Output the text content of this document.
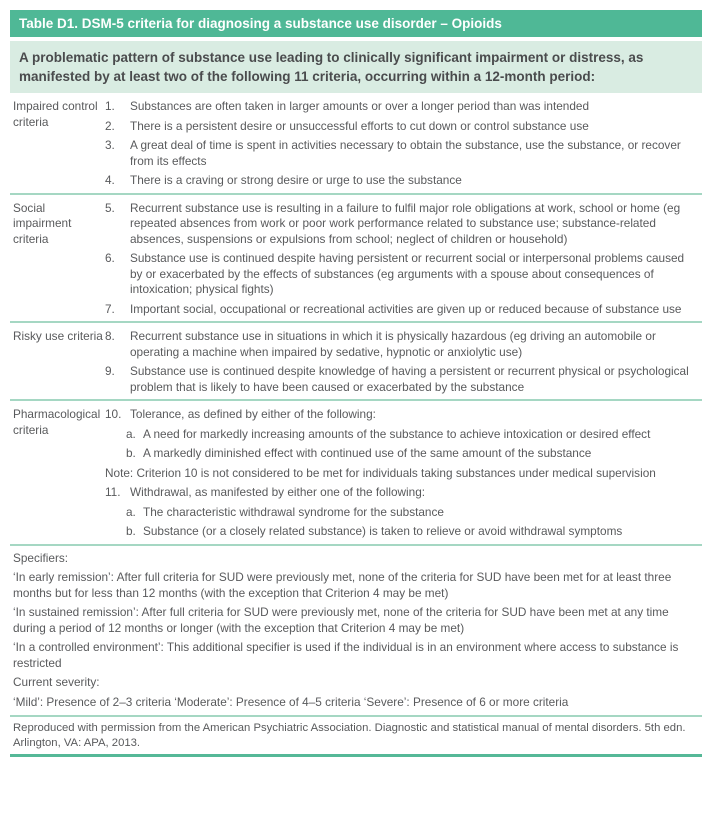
Table D1. DSM-5 criteria for diagnosing a substance use disorder – Opioids
A problematic pattern of substance use leading to clinically significant impairment or distress, as
manifested by at least two of the following 11 criteria, occurring within a 12-month period:
Impaired control criteria
1.	Substances are often taken in larger amounts or over a longer period than was intended
2.	There is a persistent desire or unsuccessful efforts to cut down or control substance use
3.	A great deal of time is spent in activities necessary to obtain the substance, use the substance, or recover from its effects
4.	There is a craving or strong desire or urge to use the substance
Social impairment criteria
5.	Recurrent substance use is resulting in a failure to fulfil major role obligations at work, school or home (eg repeated absences from work or poor work performance related to substance use; substance-related absences, suspensions or expulsions from school; neglect of children or household)
6.	Substance use is continued despite having persistent or recurrent social or interpersonal problems caused by or exacerbated by the effects of substances (eg arguments with a spouse about consequences of intoxication; physical fights)
7.	Important social, occupational or recreational activities are given up or reduced because of substance use
Risky use criteria 8.	Recurrent substance use in situations in which it is physically hazardous (eg driving an automobile or operating a machine when impaired by sedative, hypnotic or anxiolytic use)
9.	Substance use is continued despite knowledge of having a persistent or recurrent physical or psychological problem that is likely to have been caused or exacerbated by the substance
Pharmacological criteria
10. Tolerance, as defined by either of the following:
a. A need for markedly increasing amounts of the substance to achieve intoxication or desired effect
b. A markedly diminished effect with continued use of the same amount of the substance
Note: Criterion 10 is not considered to be met for individuals taking substances under medical supervision
11. Withdrawal, as manifested by either one of the following:
a. The characteristic withdrawal syndrome for the substance
b. Substance (or a closely related substance) is taken to relieve or avoid withdrawal symptoms
Specifiers:
‘In early remission’: After full criteria for SUD were previously met, none of the criteria for SUD have been met for at least three months but for less than 12 months (with the exception that Criterion 4 may be met)
‘In sustained remission’: After full criteria for SUD were previously met, none of the criteria for SUD have been met at any time during a period of 12 months or longer (with the exception that Criterion 4 may be met)
‘In a controlled environment’: This additional specifier is used if the individual is in an environment where access to substance is restricted
Current severity:
‘Mild’: Presence of 2–3 criteria ‘Moderate’: Presence of 4–5 criteria ‘Severe’: Presence of 6 or more criteria
Reproduced with permission from the American Psychiatric Association. Diagnostic and statistical manual of mental disorders. 5th edn.
Arlington, VA: APA, 2013.
